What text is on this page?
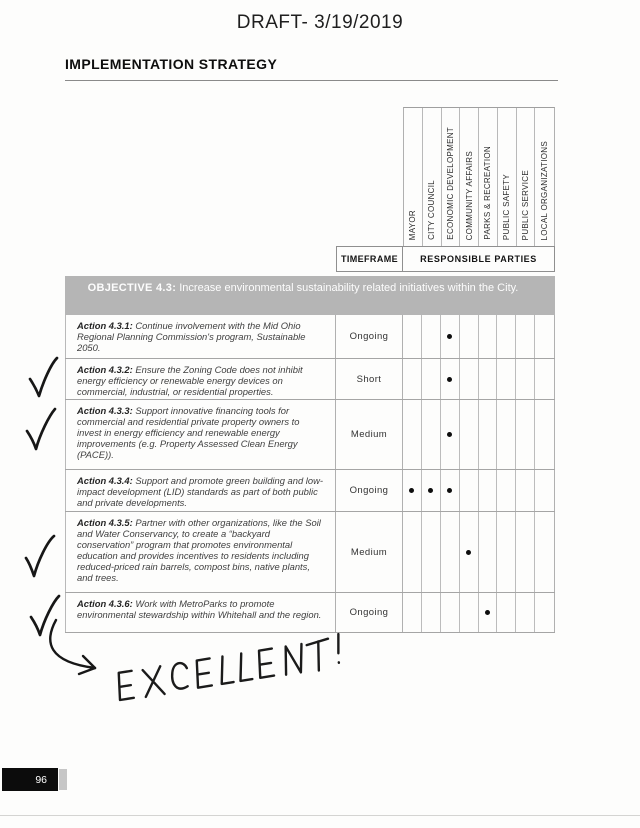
DRAFT- 3/19/2019
IMPLEMENTATION STRATEGY
MAYOR CITY COUNCIL ECONOMIC DEVELOPMENT COMMUNITY AFFAIRS PARKS & RECREATION PUBLIC SAFETY PUBLIC SERVICE LOCAL ORGANIZATIONS
TIMEFRAME	RESPONSIBLE PARTIES
OBJECTIVE 4.3: Increase environmental sustainability related initiatives within the City.
Action 4.3.1: Continue involvement with the Mid Ohio Regional Planning Commission's program, Sustainable 2050.
Ongoing
Action 4.3.2: Ensure the Zoning Code does not inhibit energy efficiency or renewable energy devices on commercial, industrial, or residential properties.
Short
Action 4.3.3: Support innovative financing tools for commercial and residential private property owners to invest in energy efficiency and renewable energy improvements (e.g. Property Assessed Clean Energy (PACE)).
Medium
Action 4.3.4: Support and promote green building and low-impact development (LID) standards as part of both public and private developments.
Ongoing
Action 4.3.5: Partner with other organizations, like the Soil and Water Conservancy, to create a “backyard conservation” program that promotes environmental education and provides incentives to residents including reduced-priced rain barrels, compost bins, native plants, and trees.
Medium
Action 4.3.6: Work with MetroParks to promote environmental stewardship within Whitehall and the region.	Ongoing
96
